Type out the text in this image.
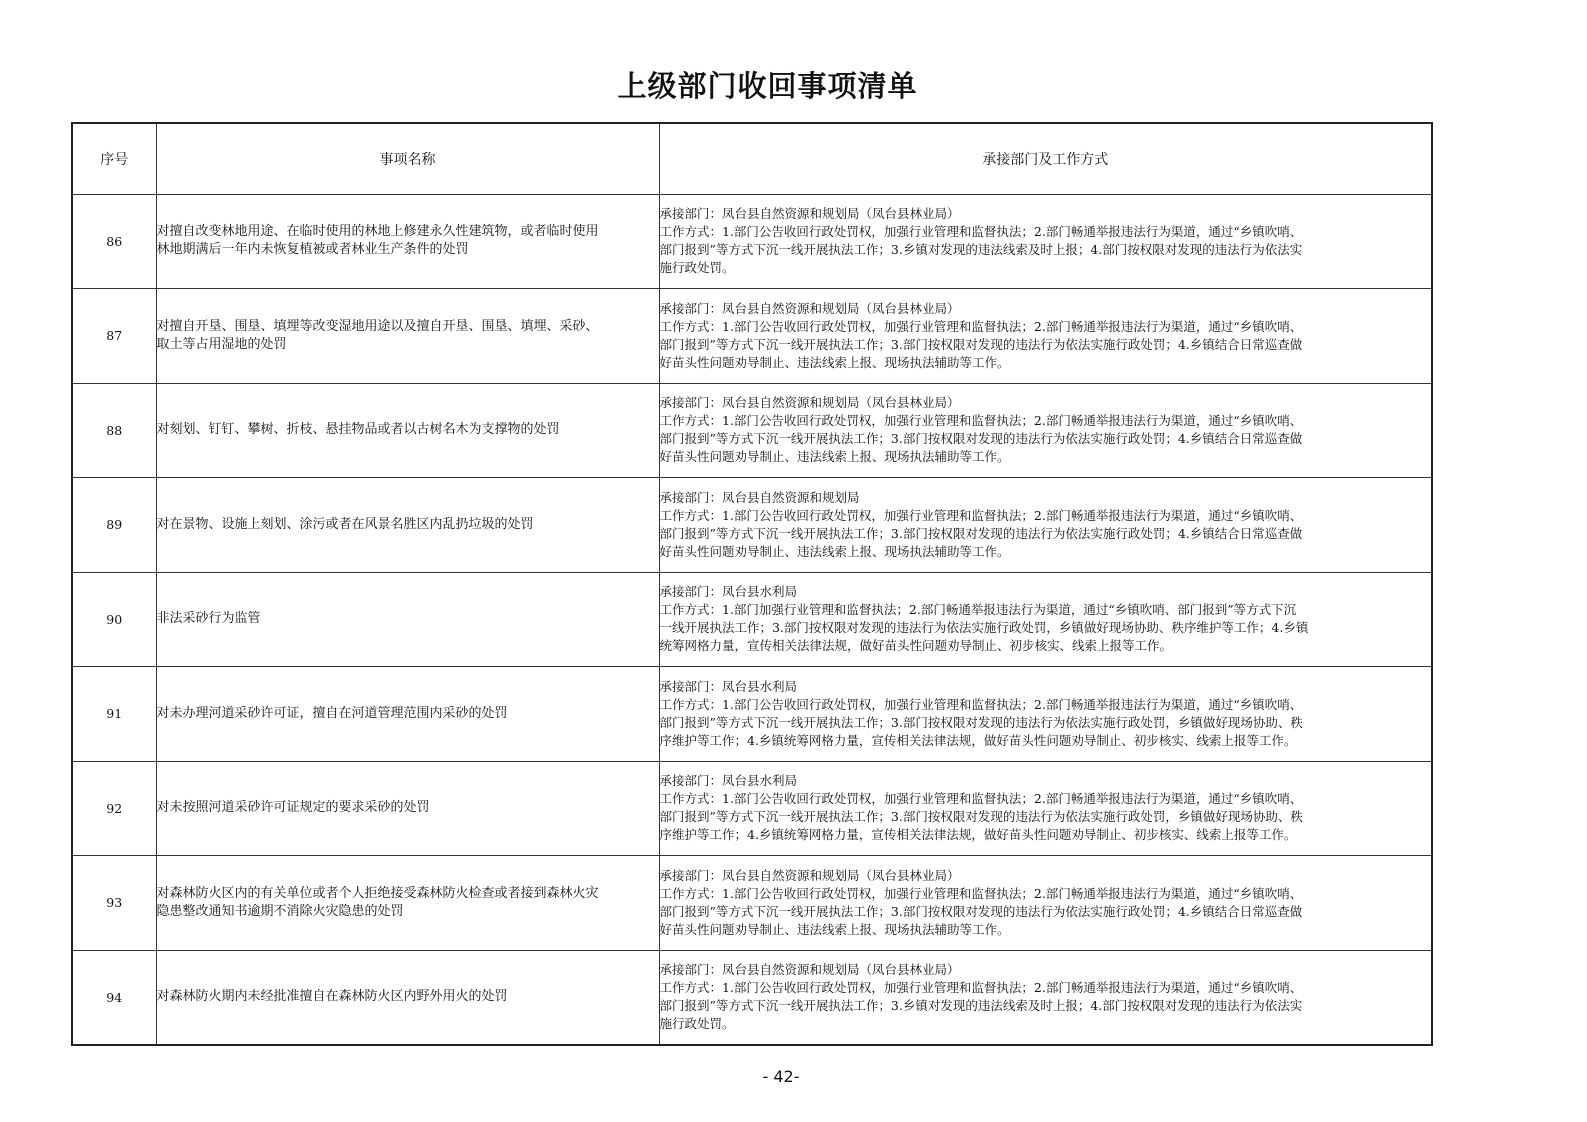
上级部门收回事项清单
序号	事项名称	承接部门及工作方式
86	对擅自改变林地用途、在临时使用的林地上修建永久性建筑物，或者临时使用
林地期满后一年内未恢复植被或者林业生产条件的处罚	承接部门：凤台县自然资源和规划局（凤台县林业局）
工作方式：1.部门公告收回行政处罚权，加强行业管理和监督执法；2.部门畅通举报违法行为渠道，通过“乡镇吹哨、
部门报到”等方式下沉一线开展执法工作；3.乡镇对发现的违法线索及时上报；4.部门按权限对发现的违法行为依法实
施行政处罚。

87	对擅自开垦、围垦、填埋等改变湿地用途以及擅自开垦、围垦、填埋、采砂、
取土等占用湿地的处罚	承接部门：凤台县自然资源和规划局（凤台县林业局）
工作方式：1.部门公告收回行政处罚权，加强行业管理和监督执法；2.部门畅通举报违法行为渠道，通过“乡镇吹哨、
部门报到”等方式下沉一线开展执法工作；3.部门按权限对发现的违法行为依法实施行政处罚；4.乡镇结合日常巡查做
好苗头性问题劝导制止、违法线索上报、现场执法辅助等工作。

88	对刻划、钉钉、攀树、折枝、悬挂物品或者以古树名木为支撑物的处罚	承接部门：凤台县自然资源和规划局（凤台县林业局）
工作方式：1.部门公告收回行政处罚权，加强行业管理和监督执法；2.部门畅通举报违法行为渠道，通过“乡镇吹哨、
部门报到”等方式下沉一线开展执法工作；3.部门按权限对发现的违法行为依法实施行政处罚；4.乡镇结合日常巡查做
好苗头性问题劝导制止、违法线索上报、现场执法辅助等工作。

89	对在景物、设施上刻划、涂污或者在风景名胜区内乱扔垃圾的处罚	承接部门：凤台县自然资源和规划局
工作方式：1.部门公告收回行政处罚权，加强行业管理和监督执法；2.部门畅通举报违法行为渠道，通过“乡镇吹哨、
部门报到”等方式下沉一线开展执法工作；3.部门按权限对发现的违法行为依法实施行政处罚；4.乡镇结合日常巡查做
好苗头性问题劝导制止、违法线索上报、现场执法辅助等工作。

90	非法采砂行为监管	承接部门：凤台县水利局
工作方式：1.部门加强行业管理和监督执法；2.部门畅通举报违法行为渠道，通过“乡镇吹哨、部门报到”等方式下沉
一线开展执法工作；3.部门按权限对发现的违法行为依法实施行政处罚，乡镇做好现场协助、秩序维护等工作；4.乡镇
统筹网格力量，宣传相关法律法规，做好苗头性问题劝导制止、初步核实、线索上报等工作。

91	对未办理河道采砂许可证，擅自在河道管理范围内采砂的处罚	承接部门：凤台县水利局
工作方式：1.部门公告收回行政处罚权，加强行业管理和监督执法；2.部门畅通举报违法行为渠道，通过“乡镇吹哨、
部门报到”等方式下沉一线开展执法工作；3.部门按权限对发现的违法行为依法实施行政处罚，乡镇做好现场协助、秩
序维护等工作；4.乡镇统筹网格力量，宣传相关法律法规，做好苗头性问题劝导制止、初步核实、线索上报等工作。

92	对未按照河道采砂许可证规定的要求采砂的处罚	承接部门：凤台县水利局
工作方式：1.部门公告收回行政处罚权，加强行业管理和监督执法；2.部门畅通举报违法行为渠道，通过“乡镇吹哨、
部门报到”等方式下沉一线开展执法工作；3.部门按权限对发现的违法行为依法实施行政处罚，乡镇做好现场协助、秩
序维护等工作；4.乡镇统筹网格力量，宣传相关法律法规，做好苗头性问题劝导制止、初步核实、线索上报等工作。

93	对森林防火区内的有关单位或者个人拒绝接受森林防火检查或者接到森林火灾
隐患整改通知书逾期不消除火灾隐患的处罚	承接部门：凤台县自然资源和规划局（凤台县林业局）
工作方式：1.部门公告收回行政处罚权，加强行业管理和监督执法；2.部门畅通举报违法行为渠道，通过“乡镇吹哨、
部门报到”等方式下沉一线开展执法工作；3.部门按权限对发现的违法行为依法实施行政处罚；4.乡镇结合日常巡查做
好苗头性问题劝导制止、违法线索上报、现场执法辅助等工作。

94	对森林防火期内未经批准擅自在森林防火区内野外用火的处罚	承接部门：凤台县自然资源和规划局（凤台县林业局）
工作方式：1.部门公告收回行政处罚权，加强行业管理和监督执法；2.部门畅通举报违法行为渠道，通过“乡镇吹哨、
部门报到”等方式下沉一线开展执法工作；3.乡镇对发现的违法线索及时上报；4.部门按权限对发现的违法行为依法实
施行政处罚。
- 42-
